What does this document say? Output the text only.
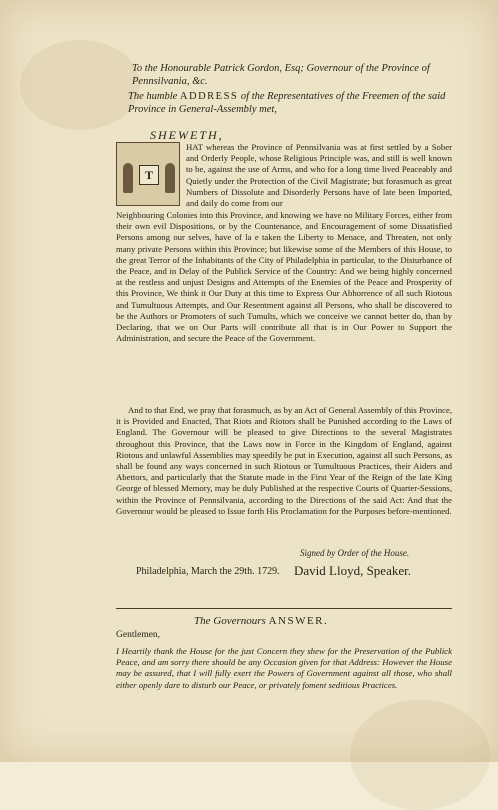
To the Honourable Patrick Gordon, Esq; Governour of the Province of Pennsilvania, &c.
The humble ADDRESS of the Representatives of the Freemen of the said Province in General-Assembly met,
SHEWETH,
T
HAT whereas the Province of Pennsilvania was at first settled by a Sober and Orderly People, whose Religious Principle was, and still is well known to be, against the use of Arms, and who for a long time lived Peaceably and Quietly under the Protection of the Civil Magistrate; but forasmuch as great Numbers of Dissolute and Disorderly Persons have of late been Imported, and daily do come from our
Neighbouring Colonies into this Province, and knowing we have no Military Forces, either from their own evil Dispositions, or by the Countenance, and Encouragement of some Dissatisfied Persons among our selves, have of la e taken the Liberty to Menace, and Threaten, not only many private Persons within this Province; but likewise some of the Members of this House, to the great Terror of the Inhabitants of the City of Philadelphia in particular, to the Disturbance of the Peace, and in Delay of the Publick Service of the Country: And we being highly concerned at the restless and unjust Designs and Attempts of the Enemies of the Peace and Prosperity of this Province, We think it Our Duty at this time to Express Our Abhorrence of all such Riotous and Tumultuous Attempts, and Our Resentment against all Persons, who shall be discovered to be the Authors or Promoters of such Tumults, which we conceive we cannot better do, than by Declaring, that we on Our Parts will contribute all that is in Our Power to Support the Administration, and secure the Peace of the Government.
And to that End, we pray that forasmuch, as by an Act of General Assembly of this Province, it is Provided and Enacted, That Riots and Riotors shall be Punished according to the Laws of England. The Governour will be pleased to give Directions to the several Magistrates throughout this Province, that the Laws now in Force in the Kingdom of England, against Riotous and unlawful Assemblies may speedily be put in Execution, against all such Persons, as shall be found any ways concerned in such Riotous or Tumultuous Practices, their Aiders and Abettors, and particularly that the Statute made in the First Year of the Reign of the late King George of blessed Memory, may be duly Published at the respective Courts of Quarter-Sessions, within the Province of Pennsilvania, according to the Directions of the said Act: And that the Governour would be pleased to Issue forth His Proclamation for the Purposes before-mentioned.
Signed by Order of the House.
Philadelphia, March the 29th. 1729. David Lloyd, Speaker.
The Governours ANSWER.
Gentlemen,
I Heartily thank the House for the just Concern they shew for the Preservation of the Publick Peace, and am sorry there should be any Occasion given for that Address: However the House may be assured, that I will fully exert the Powers of Government against all those, who shall either openly dare to disturb our Peace, or privately foment seditious Practices.
